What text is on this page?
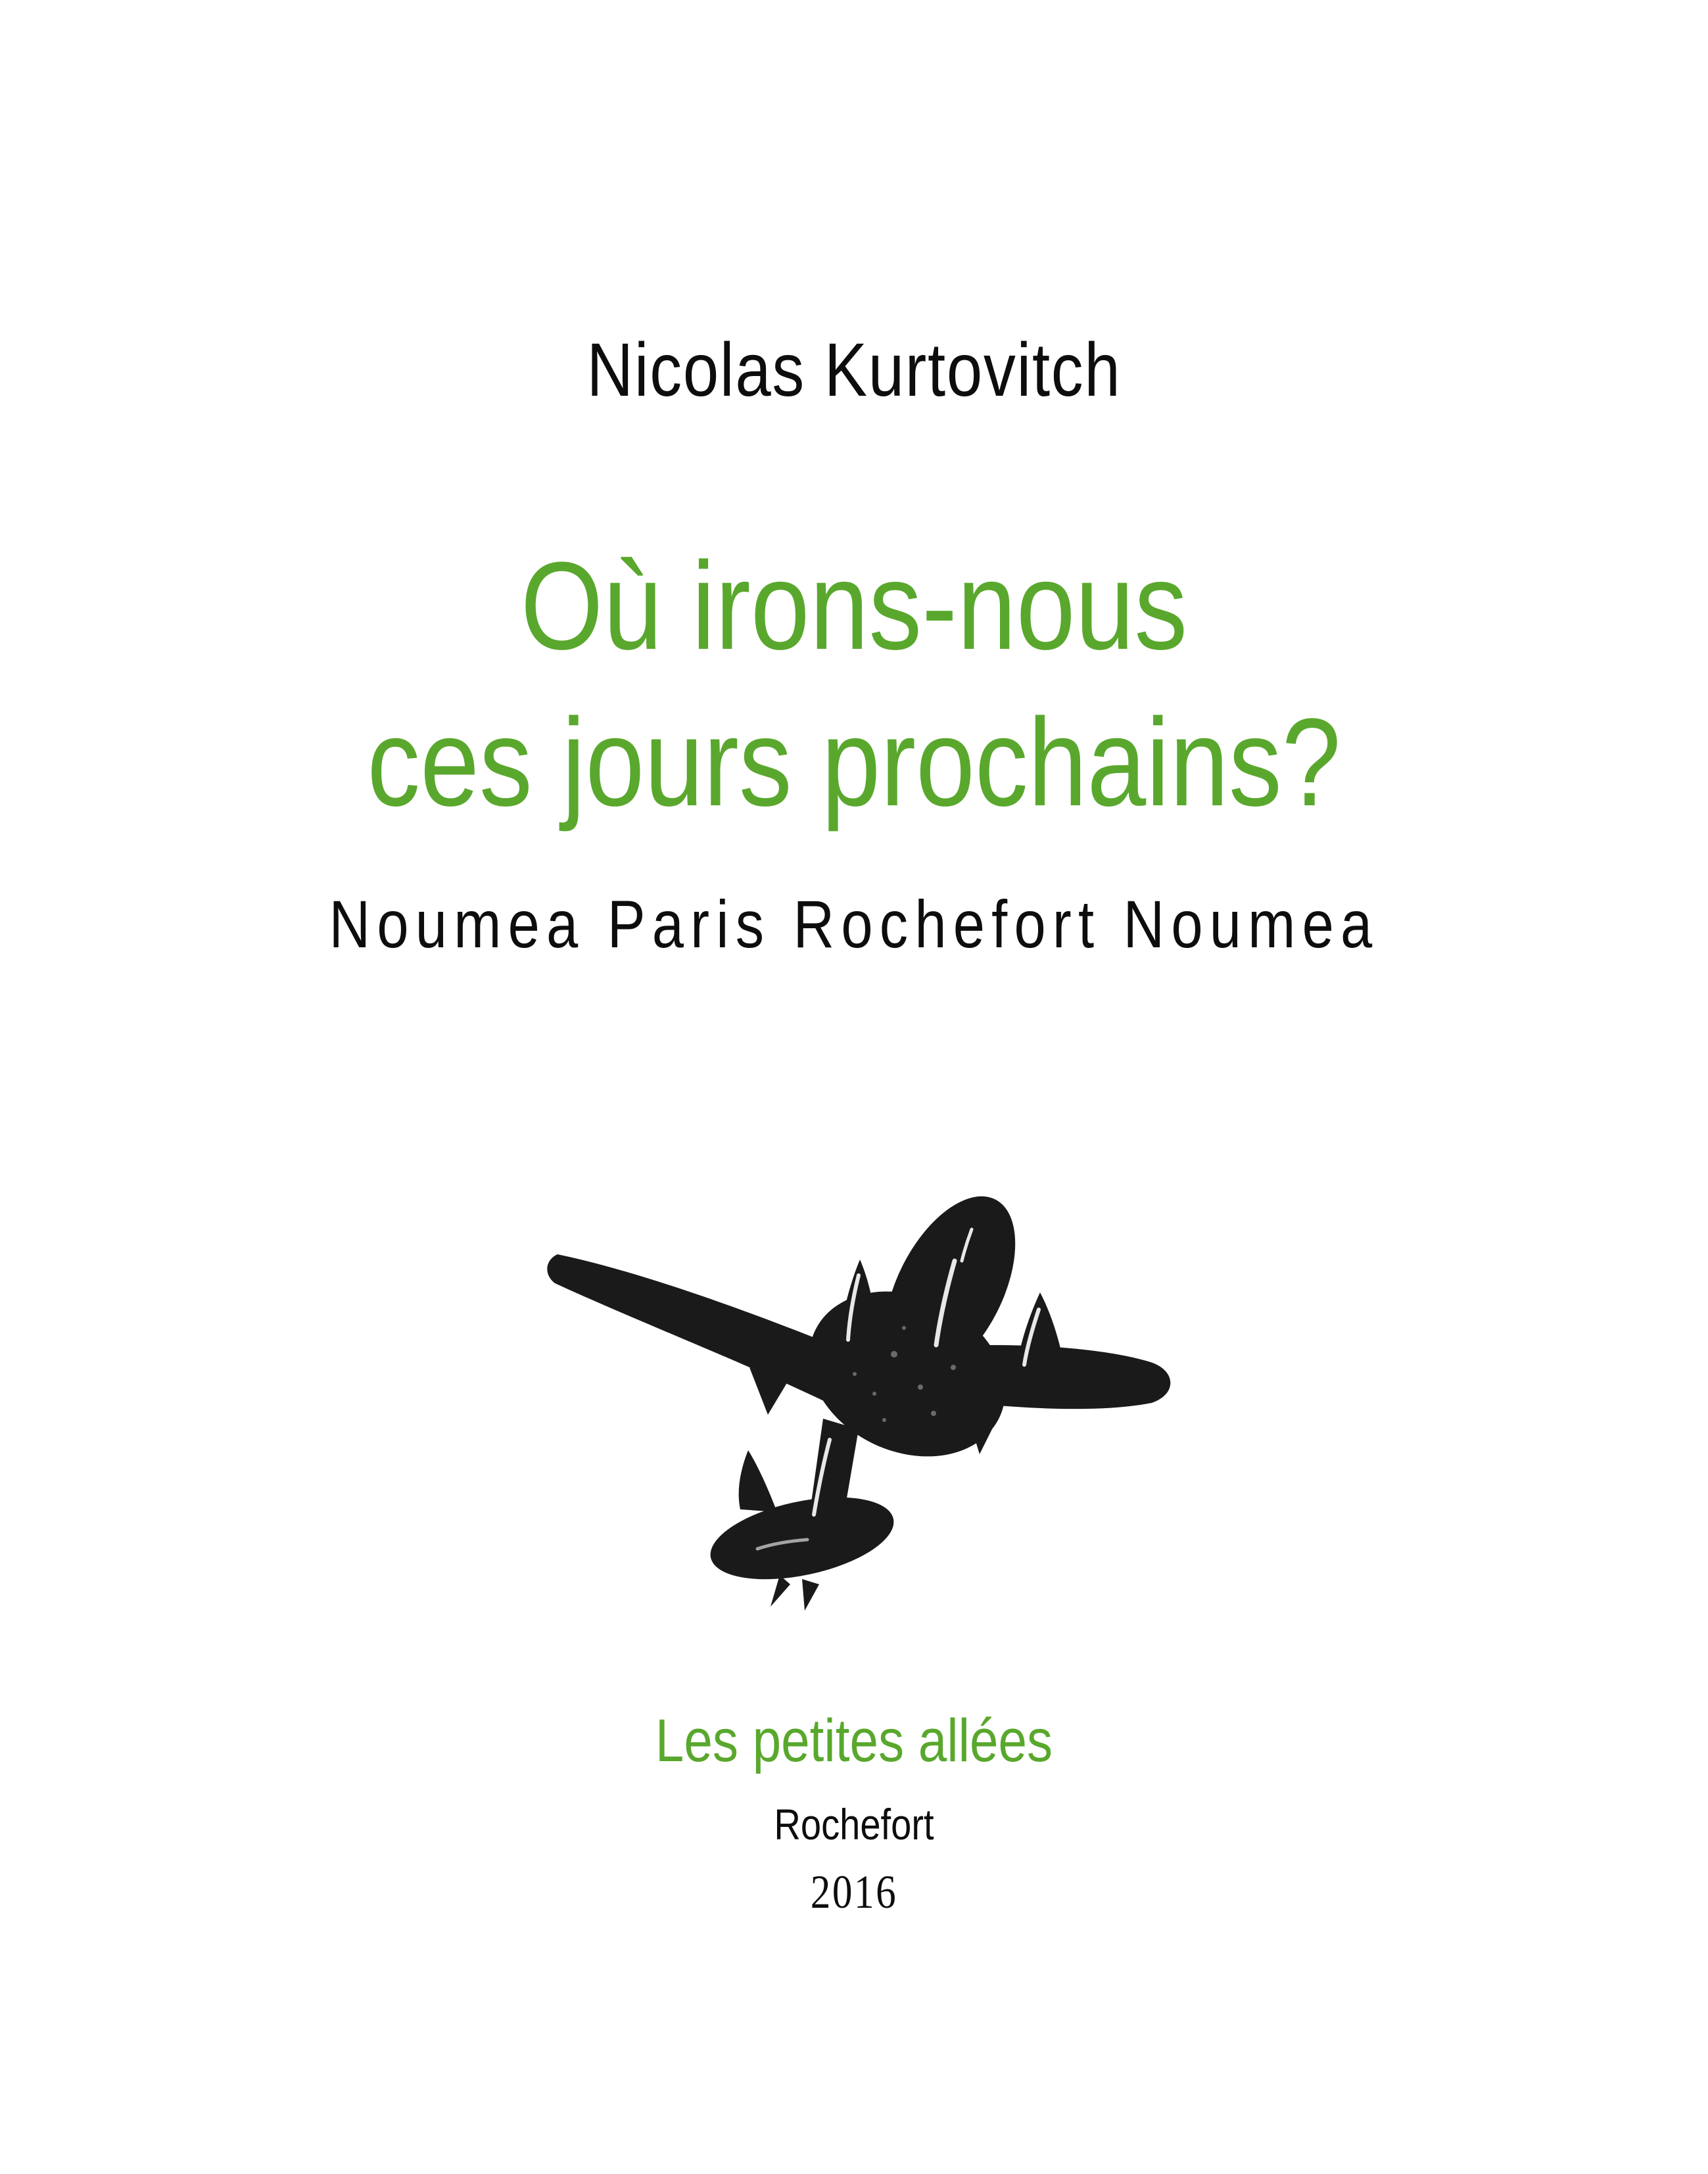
Nicolas Kurtovitch
Où irons-nous
ces jours prochains?
Noumea Paris Rochefort Noumea
Les petites allées
Rochefort
2016
